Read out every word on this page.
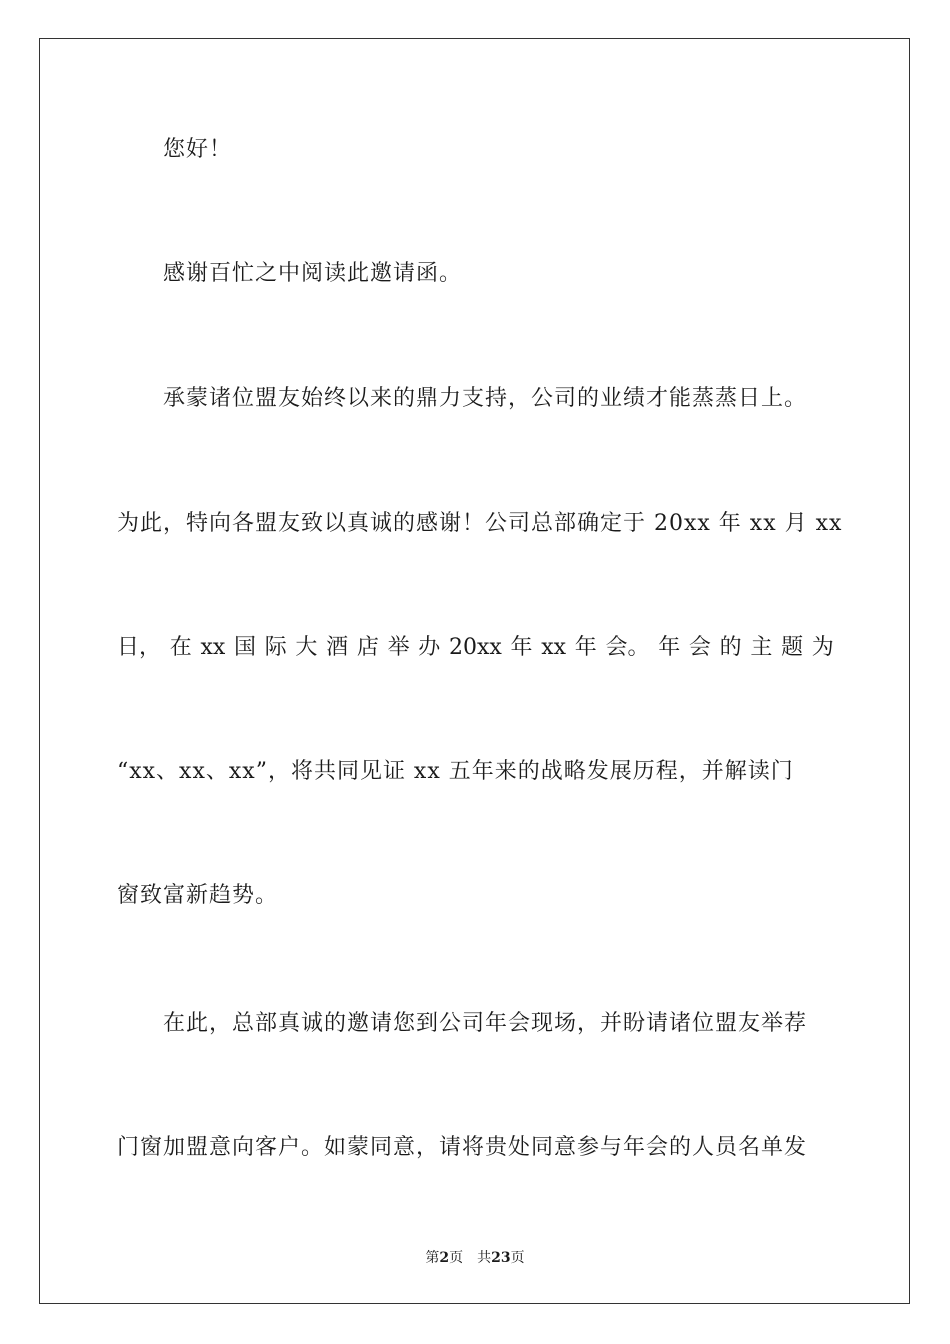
您好！
感谢百忙之中阅读此邀请函。
承蒙诸位盟友始终以来的鼎力支持，公司的业绩才能蒸蒸日上。
为此，特向各盟友致以真诚的感谢！公司总部确定于 20xx 年 xx 月 xx
日， 在 xx 国 际 大 酒 店 举 办 20xx 年 xx 年 会。 年 会 的 主 题 为
“xx、xx、xx”，将共同见证 xx 五年来的战略发展历程，并解读门
窗致富新趋势。
在此，总部真诚的邀请您到公司年会现场，并盼请诸位盟友举荐
门窗加盟意向客户。如蒙同意，请将贵处同意参与年会的人员名单发
第2页 共23页
